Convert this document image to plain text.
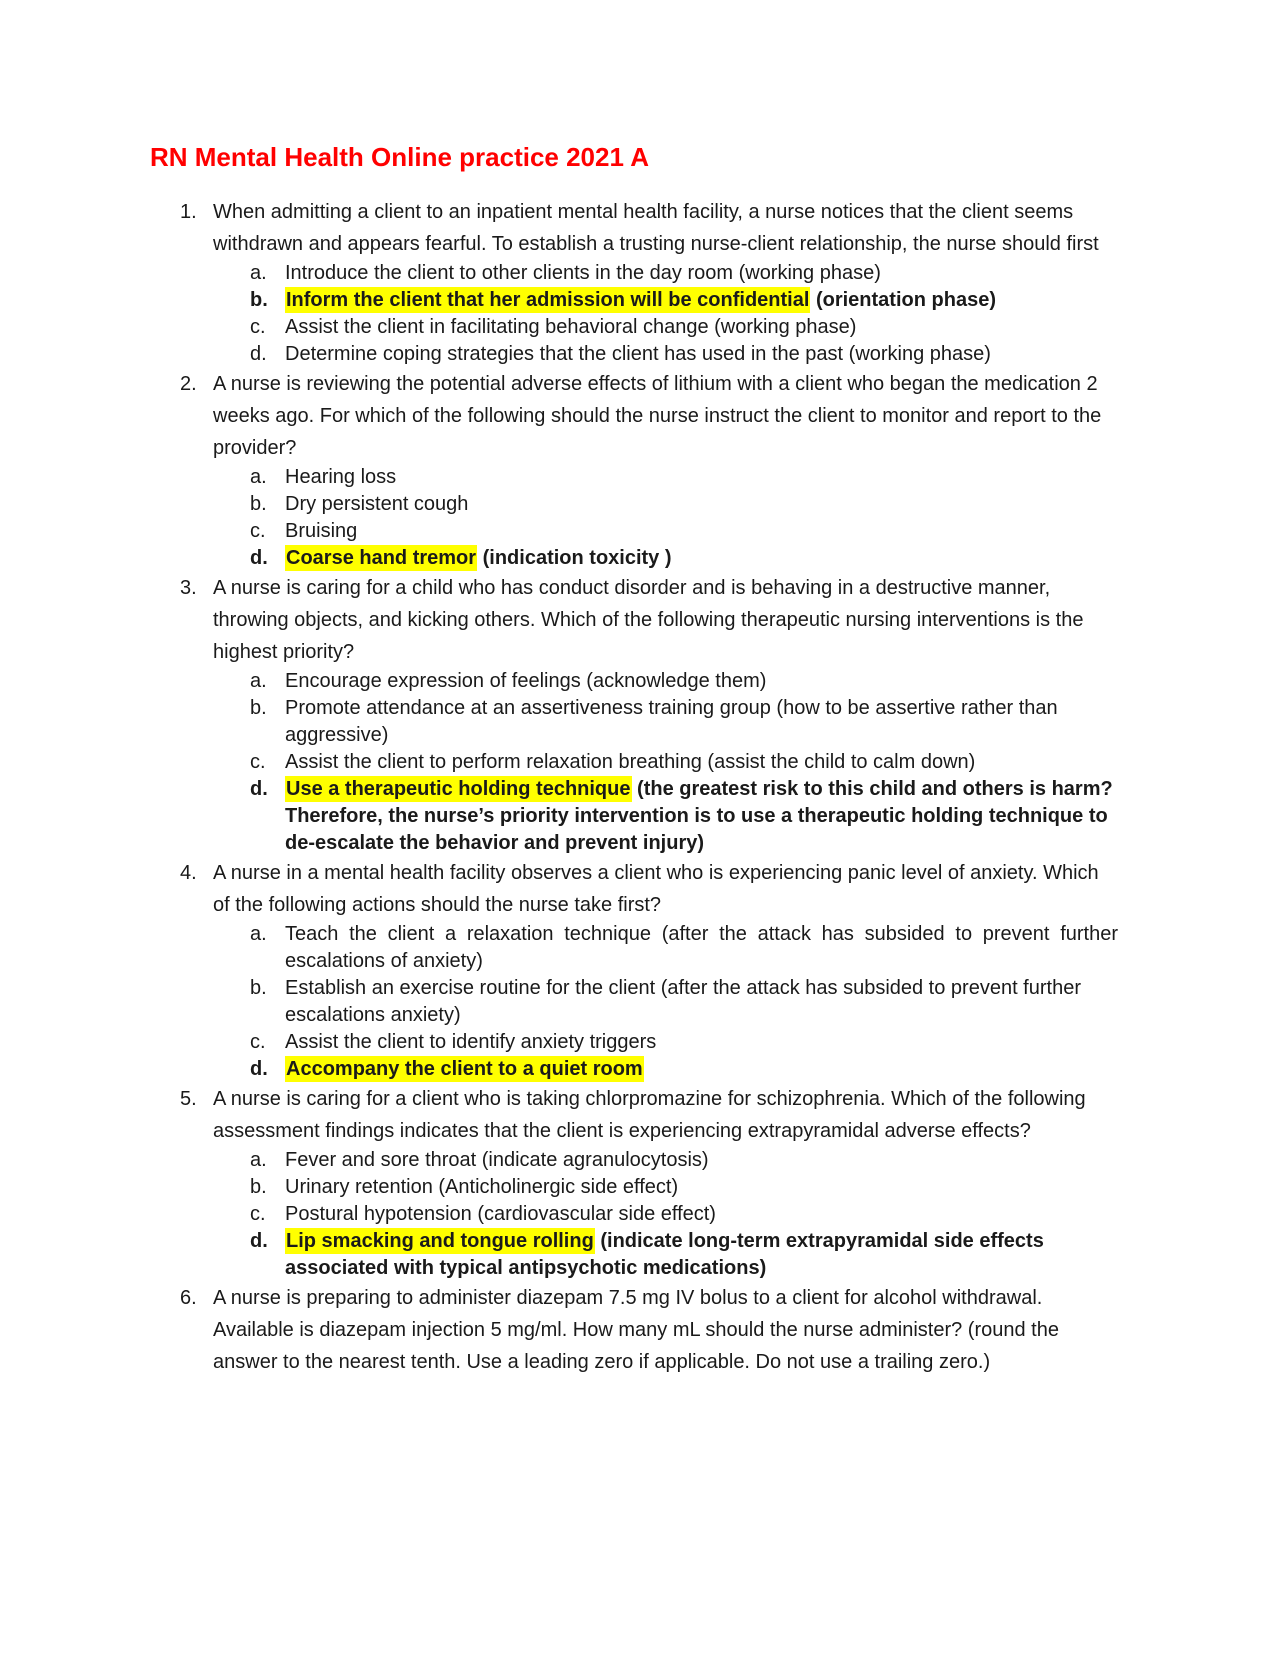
RN Mental Health Online practice 2021 A
1. When admitting a client to an inpatient mental health facility, a nurse notices that the client seems withdrawn and appears fearful. To establish a trusting nurse-client relationship, the nurse should first
a. Introduce the client to other clients in the day room (working phase)
b. Inform the client that her admission will be confidential (orientation phase)
c. Assist the client in facilitating behavioral change (working phase)
d. Determine coping strategies that the client has used in the past (working phase)
2. A nurse is reviewing the potential adverse effects of lithium with a client who began the medication 2 weeks ago. For which of the following should the nurse instruct the client to monitor and report to the provider?
a. Hearing loss
b. Dry persistent cough
c. Bruising
d. Coarse hand tremor (indication toxicity )
3. A nurse is caring for a child who has conduct disorder and is behaving in a destructive manner, throwing objects, and kicking others. Which of the following therapeutic nursing interventions is the highest priority?
a. Encourage expression of feelings (acknowledge them)
b. Promote attendance at an assertiveness training group (how to be assertive rather than aggressive)
c. Assist the client to perform relaxation breathing (assist the child to calm down)
d. Use a therapeutic holding technique (the greatest risk to this child and others is harm? Therefore, the nurse’s priority intervention is to use a therapeutic holding technique to de-escalate the behavior and prevent injury)
4. A nurse in a mental health facility observes a client who is experiencing panic level of anxiety. Which of the following actions should the nurse take first?
a. Teach the client a relaxation technique (after the attack has subsided to prevent further escalations of anxiety)
b. Establish an exercise routine for the client (after the attack has subsided to prevent further escalations anxiety)
c. Assist the client to identify anxiety triggers
d. Accompany the client to a quiet room
5. A nurse is caring for a client who is taking chlorpromazine for schizophrenia. Which of the following assessment findings indicates that the client is experiencing extrapyramidal adverse effects?
a. Fever and sore throat (indicate agranulocytosis)
b. Urinary retention (Anticholinergic side effect)
c. Postural hypotension (cardiovascular side effect)
d. Lip smacking and tongue rolling (indicate long-term extrapyramidal side effects associated with typical antipsychotic medications)
6. A nurse is preparing to administer diazepam 7.5 mg IV bolus to a client for alcohol withdrawal. Available is diazepam injection 5 mg/ml. How many mL should the nurse administer? (round the answer to the nearest tenth. Use a leading zero if applicable. Do not use a trailing zero.)
